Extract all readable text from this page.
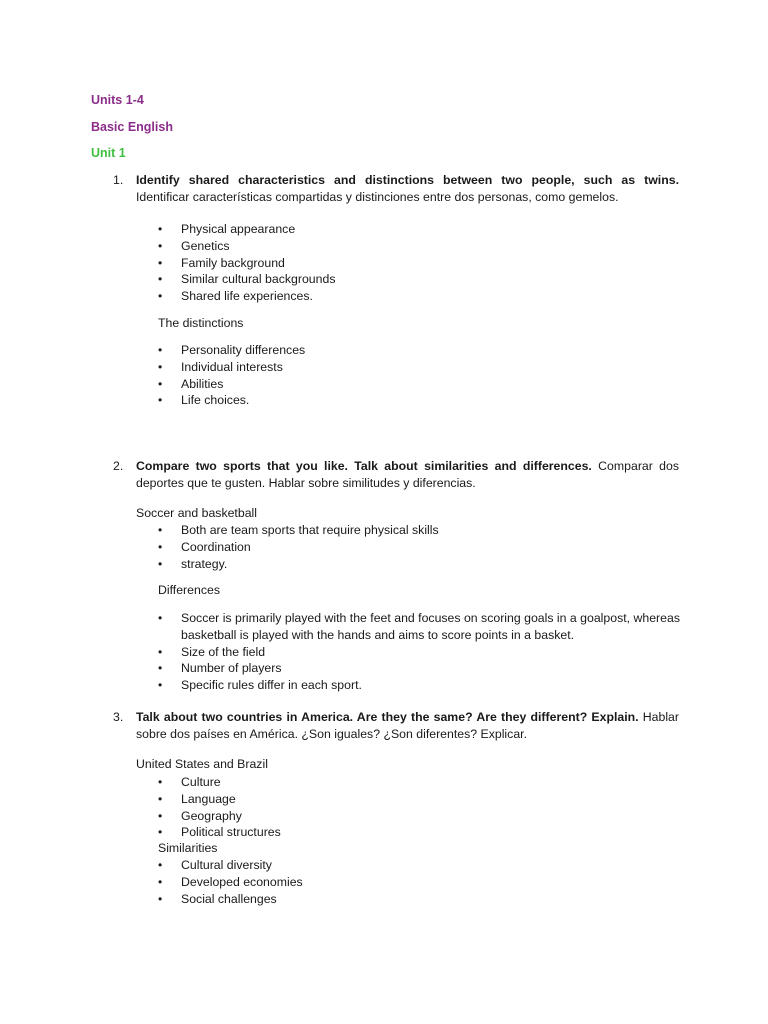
Units 1-4
Basic English
Unit 1
1. Identify shared characteristics and distinctions between two people, such as twins. Identificar características compartidas y distinciones entre dos personas, como gemelos.
• Physical appearance
• Genetics
• Family background
• Similar cultural backgrounds
• Shared life experiences.
The distinctions
• Personality differences
• Individual interests
• Abilities
• Life choices.
2. Compare two sports that you like. Talk about similarities and differences. Comparar dos deportes que te gusten. Hablar sobre similitudes y diferencias.
Soccer and basketball
• Both are team sports that require physical skills
• Coordination
• strategy.
Differences
• Soccer is primarily played with the feet and focuses on scoring goals in a goalpost, whereas basketball is played with the hands and aims to score points in a basket.
• Size of the field
• Number of players
• Specific rules differ in each sport.
3. Talk about two countries in America. Are they the same? Are they different? Explain. Hablar sobre dos países en América. ¿Son iguales? ¿Son diferentes? Explicar.
United States and Brazil
• Culture
• Language
• Geography
• Political structures
Similarities
• Cultural diversity
• Developed economies
• Social challenges
